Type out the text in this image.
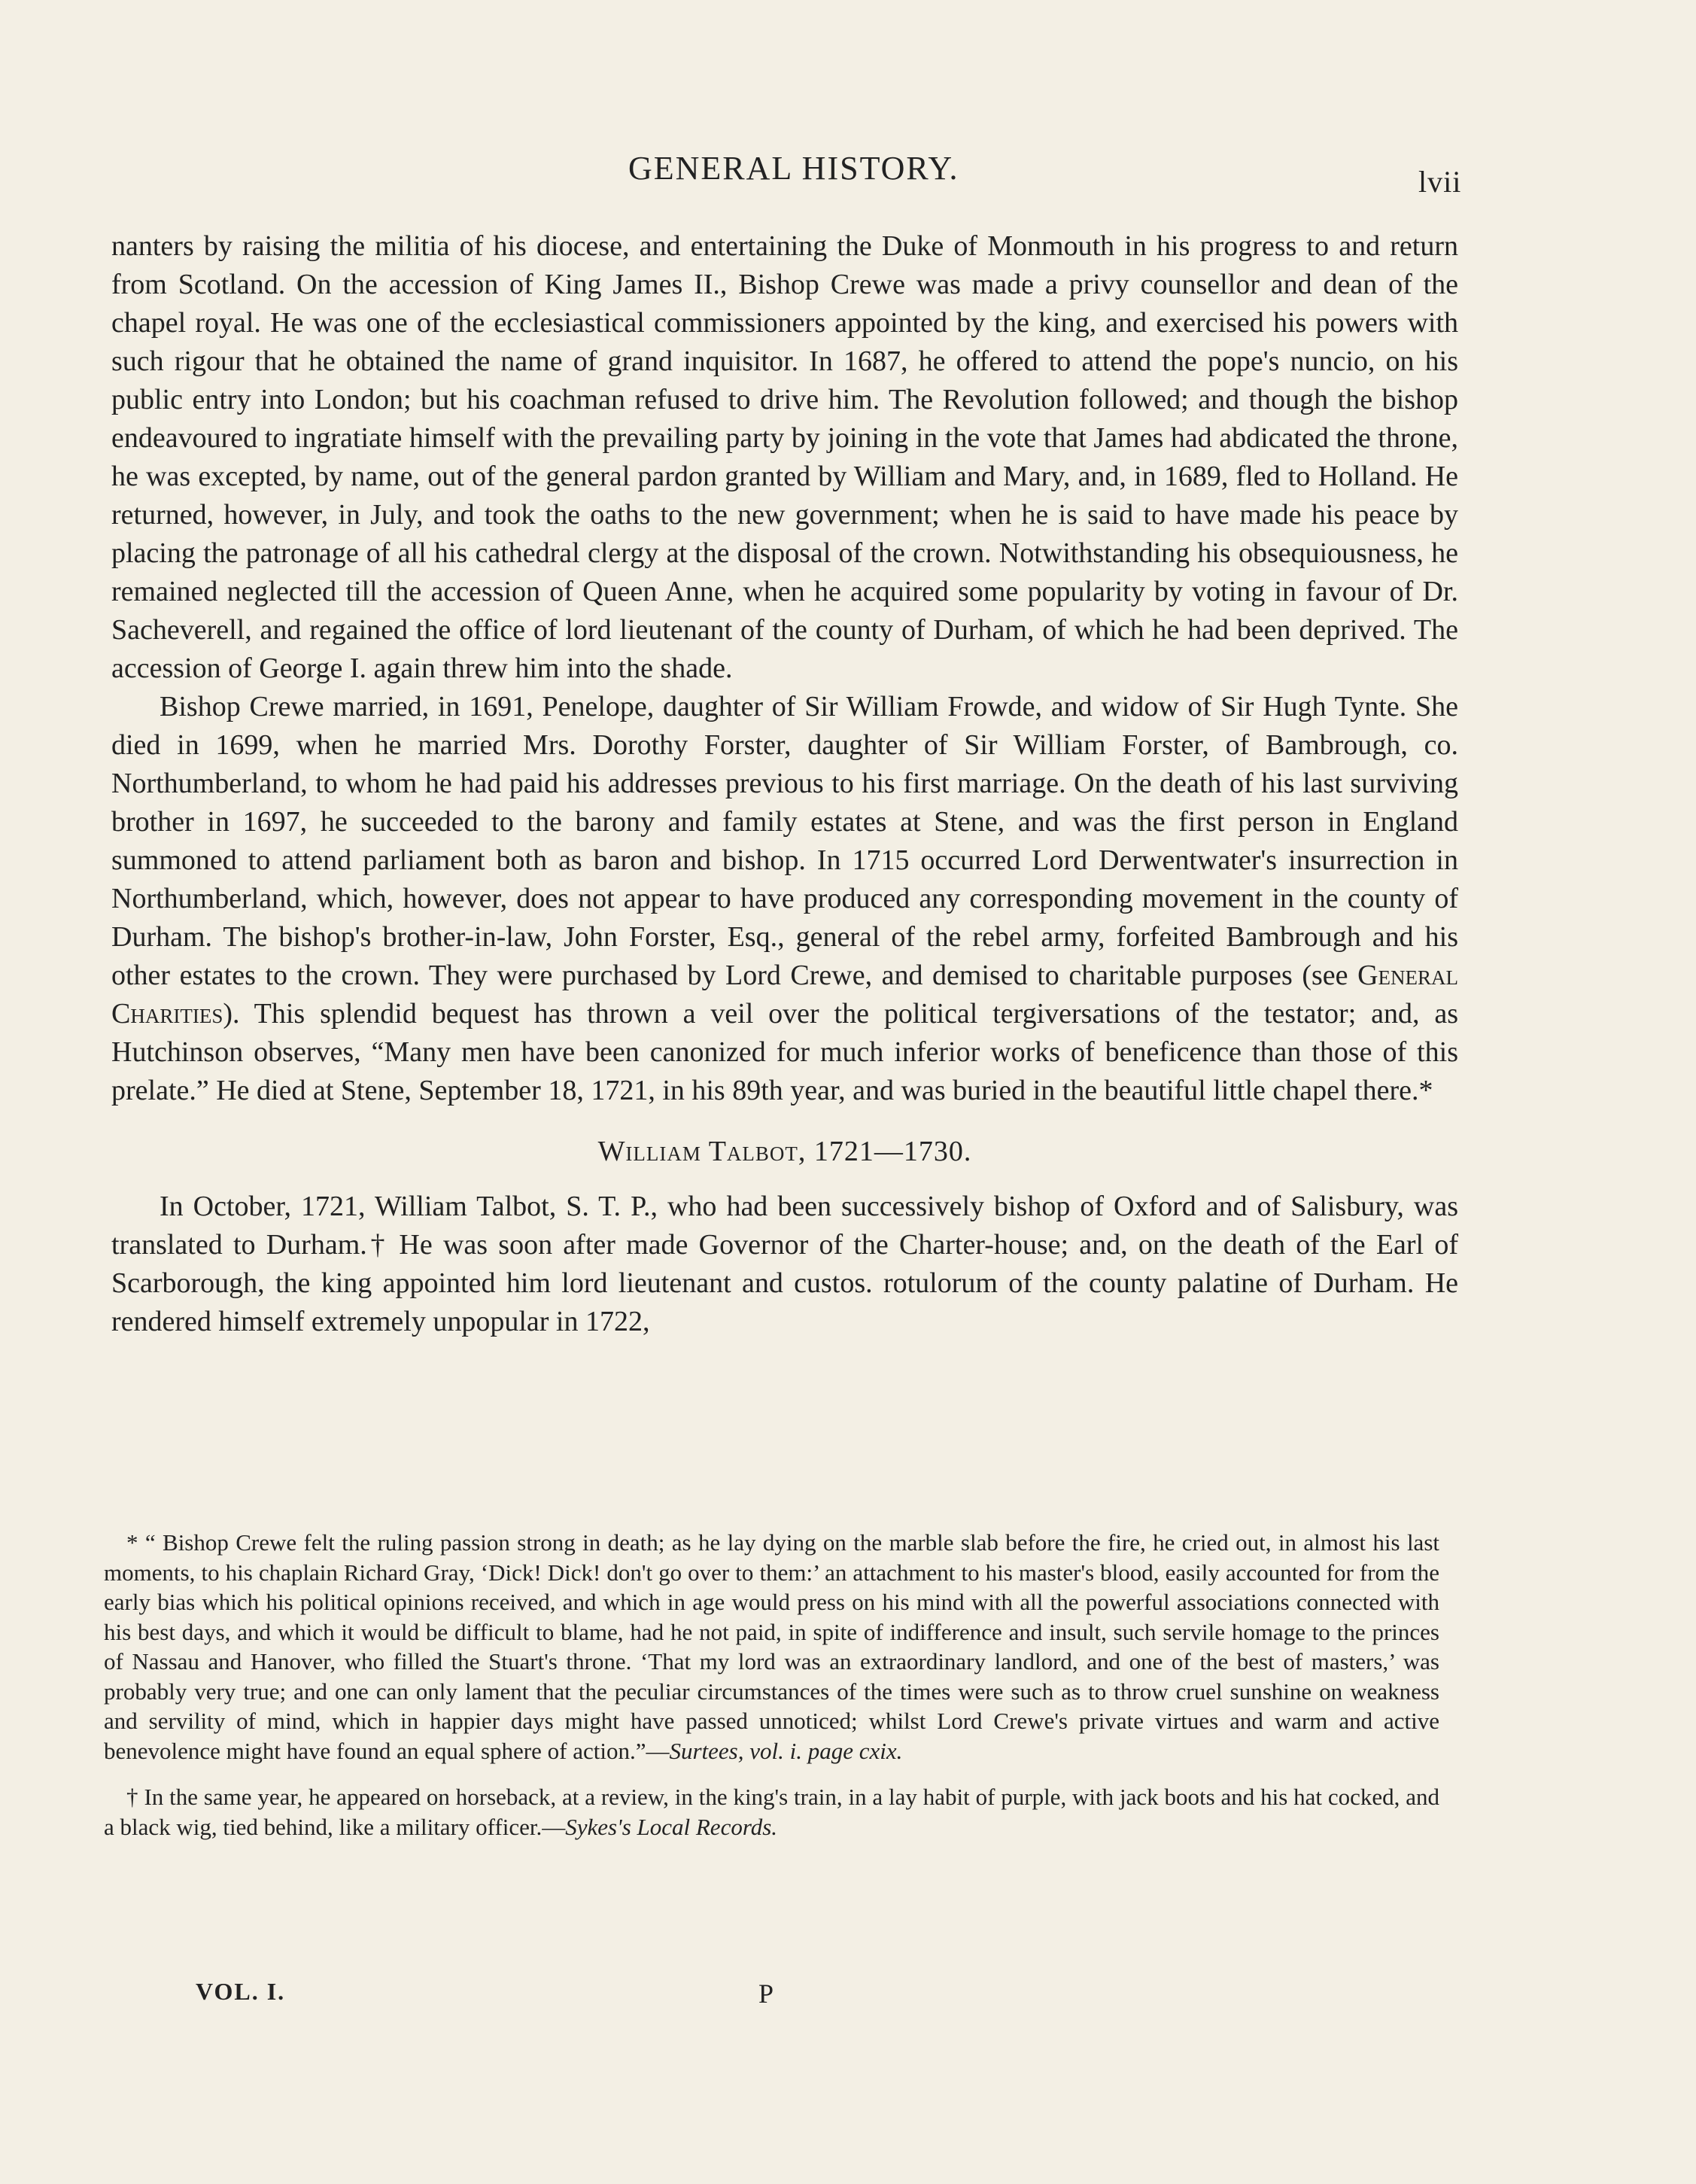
GENERAL HISTORY.	lvii

nanters by raising the militia of his diocese, and entertaining the Duke of Monmouth in his progress to and return from Scotland. On the accession of King James II., Bishop Crewe was made a privy counsellor and dean of the chapel royal. He was one of the ecclesiastical commissioners appointed by the king, and exercised his powers with such rigour that he obtained the name of grand inquisitor. In 1687, he offered to attend the pope's nuncio, on his public entry into London; but his coachman refused to drive him. The Revolution followed; and though the bishop endeavoured to ingratiate himself with the prevailing party by joining in the vote that James had abdicated the throne, he was excepted, by name, out of the general pardon granted by William and Mary, and, in 1689, fled to Holland. He returned, however, in July, and took the oaths to the new government; when he is said to have made his peace by placing the patronage of all his cathedral clergy at the disposal of the crown. Notwithstanding his obsequiousness, he remained neglected till the accession of Queen Anne, when he acquired some popularity by voting in favour of Dr. Sacheverell, and regained the office of lord lieutenant of the county of Durham, of which he had been deprived. The accession of George I. again threw him into the shade.

Bishop Crewe married, in 1691, Penelope, daughter of Sir William Frowde, and widow of Sir Hugh Tynte. She died in 1699, when he married Mrs. Dorothy Forster, daughter of Sir William Forster, of Bambrough, co. Northumberland, to whom he had paid his addresses previous to his first marriage. On the death of his last surviving brother in 1697, he succeeded to the barony and family estates at Stene, and was the first person in England summoned to attend parliament both as baron and bishop. In 1715 occurred Lord Derwentwater's insurrection in Northumberland, which, however, does not appear to have produced any corresponding movement in the county of Durham. The bishop's brother-in-law, John Forster, Esq., general of the rebel army, forfeited Bambrough and his other estates to the crown. They were purchased by Lord Crewe, and demised to charitable purposes (see General Charities). This splendid bequest has thrown a veil over the political tergiversations of the testator; and, as Hutchinson observes, “Many men have been canonized for much inferior works of beneficence than those of this prelate.” He died at Stene, September 18, 1721, in his 89th year, and was buried in the beautiful little chapel there.*

William Talbot, 1721—1730.

In October, 1721, William Talbot, S. T. P., who had been successively bishop of Oxford and of Salisbury, was translated to Durham.† He was soon after made Governor of the Charter-house; and, on the death of the Earl of Scarborough, the king appointed him lord lieutenant and custos. rotulorum of the county palatine of Durham. He rendered himself extremely unpopular in 1722,

* “ Bishop Crewe felt the ruling passion strong in death; as he lay dying on the marble slab before the fire, he cried out, in almost his last moments, to his chaplain Richard Gray, ‘Dick! Dick! don't go over to them:’ an attachment to his master's blood, easily accounted for from the early bias which his political opinions received, and which in age would press on his mind with all the powerful associations connected with his best days, and which it would be difficult to blame, had he not paid, in spite of indifference and insult, such servile homage to the princes of Nassau and Hanover, who filled the Stuart's throne. ‘That my lord was an extraordinary landlord, and one of the best of masters,’ was probably very true; and one can only lament that the peculiar circumstances of the times were such as to throw cruel sunshine on weakness and servility of mind, which in happier days might have passed unnoticed; whilst Lord Crewe's private virtues and warm and active benevolence might have found an equal sphere of action.”—Surtees, vol. i. page cxix.

† In the same year, he appeared on horseback, at a review, in the king's train, in a lay habit of purple, with jack boots and his hat cocked, and a black wig, tied behind, like a military officer.—Sykes's Local Records.

VOL. I.	P
